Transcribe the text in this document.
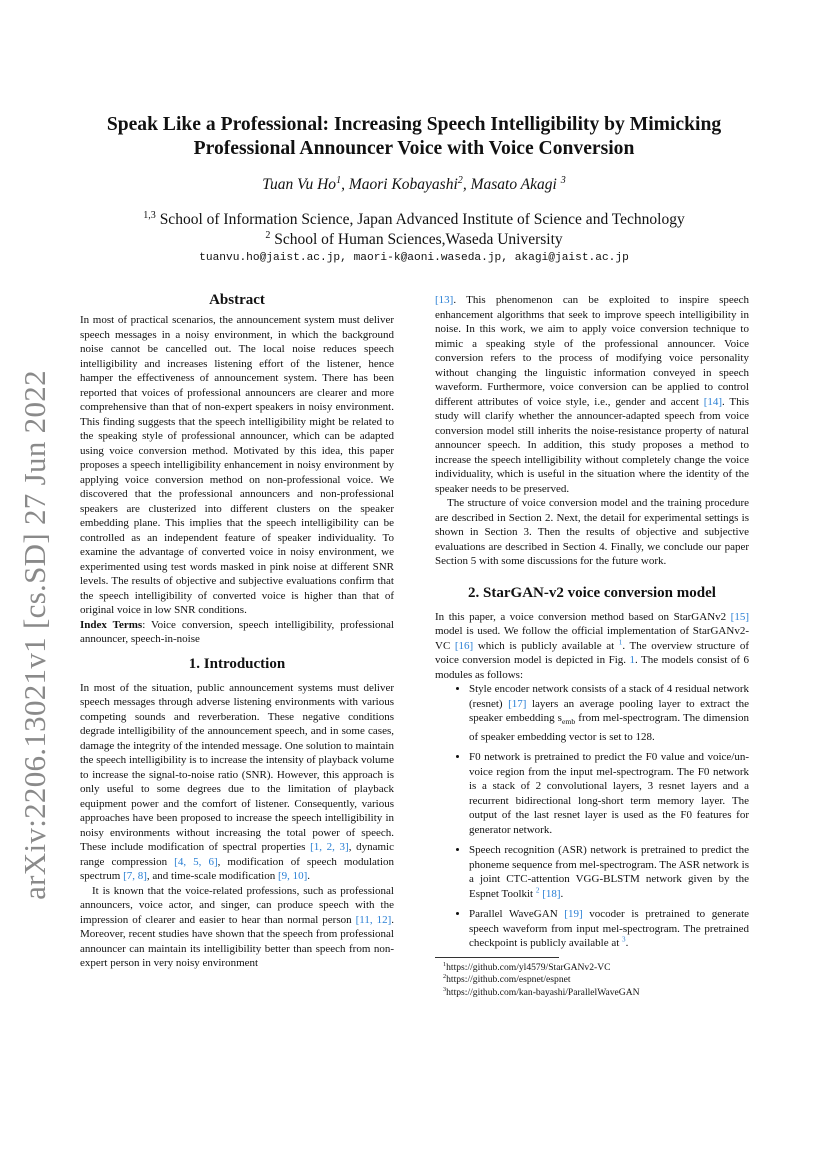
arXiv:2206.13021v1 [cs.SD] 27 Jun 2022
Speak Like a Professional: Increasing Speech Intelligibility by Mimicking Professional Announcer Voice with Voice Conversion
Tuan Vu Ho$^1$, Maori Kobayashi$^2$, Masato Akagi $^3$
$^{1,3}$ School of Information Science, Japan Advanced Institute of Science and Technology
$^2$ School of Human Sciences,Waseda University
tuanvu.ho@jaist.ac.jp, maori-k@aoni.waseda.jp, akagi@jaist.ac.jp
Abstract

In most of practical scenarios, the announcement system must deliver speech messages in a noisy environment, in which the background noise cannot be cancelled out. The local noise reduces speech intelligibility and increases listening effort of the listener, hence hamper the effectiveness of announcement system. There has been reported that voices of professional announcers are clearer and more comprehensive than that of non-expert speakers in noisy environment. This finding suggests that the speech intelligibility might be related to the speaking style of professional announcer, which can be adapted using voice conversion method. Motivated by this idea, this paper proposes a speech intelligibility enhancement in noisy environment by applying voice conversion method on non-professional voice. We discovered that the professional announcers and non-professional speakers are clusterized into different clusters on the speaker embedding plane. This implies that the speech intelligibility can be controlled as an independent feature of speaker individuality. To examine the advantage of converted voice in noisy environment, we experimented using test words masked in pink noise at different SNR levels. The results of objective and subjective evaluations confirm that the speech intelligibility of converted voice is higher than that of original voice in low SNR conditions.

Index Terms: Voice conversion, speech intelligibility, professional announcer, speech-in-noise

1. Introduction

In most of the situation, public announcement systems must deliver speech messages through adverse listening environments with various competing sounds and reverberation. These negative conditions degrade intelligibility of the announcement speech, and in some cases, damage the integrity of the intended message. One solution to maintain the speech intelligibility is to increase the intensity of playback volume to increase the signal-to-noise ratio (SNR). However, this approach is only useful to some degrees due to the limitation of playback equipment power and the comfort of listener. Consequently, various approaches have been proposed to increase the speech intelligibility in noisy environments without increasing the total power of speech. These include modification of spectral properties [1, 2, 3], dynamic range compression [4, 5, 6], modification of speech modulation spectrum [7, 8], and time-scale modification [9, 10].

It is known that the voice-related professions, such as professional announcers, voice actor, and singer, can produce speech with the impression of clearer and easier to hear than normal person [11, 12]. Moreover, recent studies have shown that the speech from professional announcer can maintain its intelligibility better than speech from non-expert person in very noisy environment

[13]. This phenomenon can be exploited to inspire speech enhancement algorithms that seek to improve speech intelligibility in noise. In this work, we aim to apply voice conversion technique to mimic a speaking style of the professional announcer. Voice conversion refers to the process of modifying voice personality without changing the linguistic information conveyed in speech waveform. Furthermore, voice conversion can be applied to control different attributes of voice style, i.e., gender and accent [14]. This study will clarify whether the announcer-adapted speech from voice conversion model still inherits the noise-resistance property of natural announcer speech. In addition, this study proposes a method to increase the speech intelligibility without completely change the voice individuality, which is useful in the situation where the identity of the speaker needs to be preserved.

The structure of voice conversion model and the training procedure are described in Section 2. Next, the detail for experimental settings is shown in Section 3. Then the results of objective and subjective evaluations are described in Section 4. Finally, we conclude our paper Section 5 with some discussions for the future work.

2. StarGAN-v2 voice conversion model

In this paper, a voice conversion method based on StarGANv2 [15] model is used. We follow the official implementation of StarGANv2-VC [16] which is publicly available at $^1$. The overview structure of voice conversion model is depicted in Fig. 1. The models consist of 6 modules as follows:

• Style encoder network consists of a stack of 4 residual network (resnet) [17] layers an average pooling layer to extract the speaker embedding $s_{emb}$ from mel-spectrogram. The dimension of speaker embedding vector is set to 128.
• F0 network is pretrained to predict the F0 value and voice/un-voice region from the input mel-spectrogram. The F0 network is a stack of 2 convolutional layers, 3 resnet layers and a recurrent bidirectional long-short term memory layer. The output of the last resnet layer is used as the F0 features for generator network.
• Speech recognition (ASR) network is pretrained to predict the phoneme sequence from mel-spectrogram. The ASR network is a joint CTC-attention VGG-BLSTM network given by the Espnet Toolkit $^2$ [18].
• Parallel WaveGAN [19] vocoder is pretrained to generate speech waveform from input mel-spectrogram. The pretrained checkpoint is publicly available at $^3$.
$^1$https://github.com/yl4579/StarGANv2-VC
$^2$https://github.com/espnet/espnet
$^3$https://github.com/kan-bayashi/ParallelWaveGAN
